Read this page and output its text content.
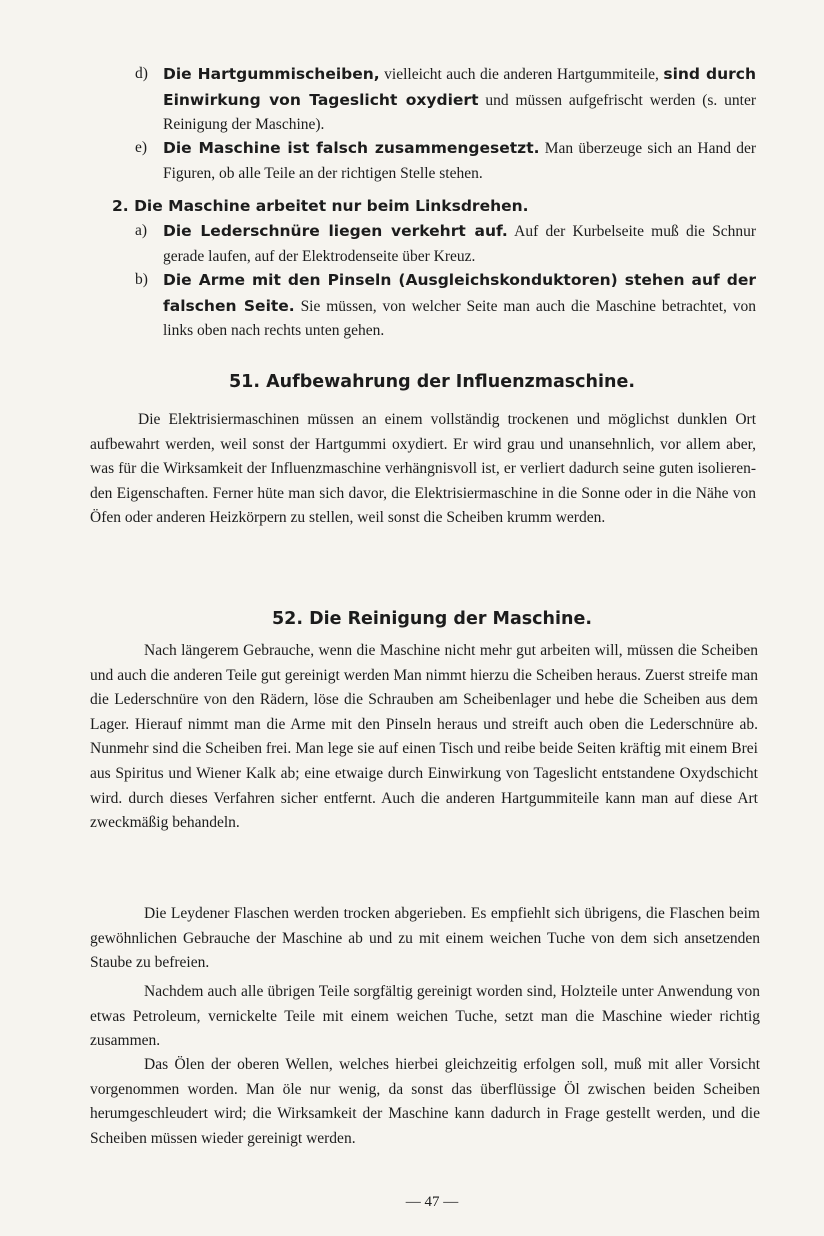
d) Die Hartgummischeiben, vielleicht auch die anderen Hartgummiteile, sind durch Einwirkung von Tageslicht oxydiert und müssen aufgefrischt werden (s. unter Reinigung der Maschine).
e) Die Maschine ist falsch zusammengesetzt. Man überzeuge sich an Hand der Figuren, ob alle Teile an der richtigen Stelle stehen.
2. Die Maschine arbeitet nur beim Linksdrehen.
a) Die Lederschnüre liegen verkehrt auf. Auf der Kurbelseite muß die Schnur gerade laufen, auf der Elektrodenseite über Kreuz.
b) Die Arme mit den Pinseln (Ausgleichskonduktoren) stehen auf der falschen Seite. Sie müssen, von welcher Seite man auch die Maschine betrachtet, von links oben nach rechts unten gehen.
51. Aufbewahrung der Influenzmaschine.
Die Elektrisiermaschinen müssen an einem vollständig trockenen und möglichst dunklen Ort aufbewahrt werden, weil sonst der Hartgummi oxydiert. Er wird grau und unansehnlich, vor allem aber, was für die Wirksamkeit der Influenzmaschine verhängnisvoll ist, er verliert dadurch seine guten isolierenden Eigenschaften. Ferner hüte man sich davor, die Elektrisiermaschine in die Sonne oder in die Nähe von Öfen oder anderen Heizkörpern zu stellen, weil sonst die Scheiben krumm werden.
52. Die Reinigung der Maschine.
Nach längerem Gebrauche, wenn die Maschine nicht mehr gut arbeiten will, müssen die Scheiben und auch die anderen Teile gut gereinigt werden Man nimmt hierzu die Scheiben heraus. Zuerst streife man die Lederschnüre von den Rädern, löse die Schrauben am Scheibenlager und hebe die Scheiben aus dem Lager. Hierauf nimmt man die Arme mit den Pinseln heraus und streift auch oben die Lederschnüre ab. Nunmehr sind die Scheiben frei. Man lege sie auf einen Tisch und reibe beide Seiten kräftig mit einem Brei aus Spiritus und Wiener Kalk ab; eine etwaige durch Einwirkung von Tageslicht entstandene Oxydschicht wird. durch dieses Verfahren sicher entfernt. Auch die anderen Hartgummiteile kann man auf diese Art zweckmäßig behandeln.
Die Leydener Flaschen werden trocken abgerieben. Es empfiehlt sich übrigens, die Flaschen beim gewöhnlichen Gebrauche der Maschine ab und zu mit einem weichen Tuche von dem sich ansetzenden Staube zu befreien.
Nachdem auch alle übrigen Teile sorgfältig gereinigt worden sind, Holzteile unter Anwendung von etwas Petroleum, vernickelte Teile mit einem weichen Tuche, setzt man die Maschine wieder richtig zusammen.
Das Ölen der oberen Wellen, welches hierbei gleichzeitig erfolgen soll, muß mit aller Vorsicht vorgenommen worden. Man öle nur wenig, da sonst das überflüssige Öl zwischen beiden Scheiben herumgeschleudert wird; die Wirksamkeit der Maschine kann dadurch in Frage gestellt werden, und die Scheiben müssen wieder gereinigt werden.
— 47 —
